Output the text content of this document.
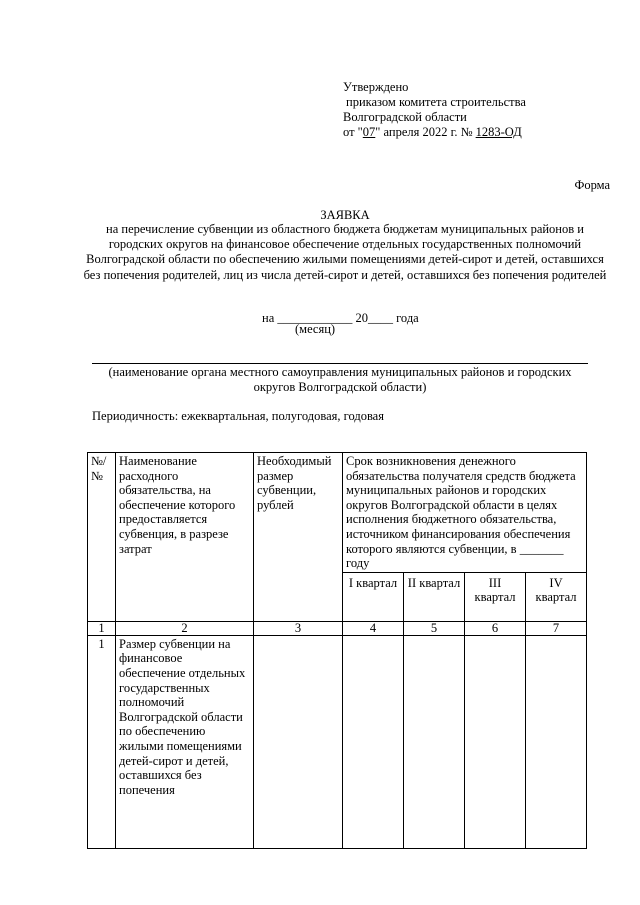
Утверждено
приказом комитета строительства
Волгоградской области
от "07" апреля 2022 г. № 1283-ОД
Форма
ЗАЯВКА
на перечисление субвенции из областного бюджета бюджетам муниципальных районов и городских округов на финансовое обеспечение отдельных государственных полномочий Волгоградской области по обеспечению жилыми помещениями детей-сирот и детей, оставшихся без попечения родителей, лиц из числа детей-сирот и детей, оставшихся без попечения родителей
на ____________ 20____ года
(месяц)
(наименование органа местного самоуправления муниципальных районов и городских округов Волгоградской области)
Периодичность: ежеквартальная, полугодовая, годовая
№/ №	Наименование расходного обязательства, на обеспечение которого предоставляется субвенция, в разрезе затрат	Необходимый размер субвенции, рублей	Срок возникновения денежного обязательства получателя средств бюджета муниципальных районов и городских округов Волгоградской области в целях исполнения бюджетного обязательства, источником финансирования обеспечения которого являются субвенции, в _______ году			
			I квартал	II квартал	III квартал	IV квартал
1	2	3	4	5	6	7
1	Размер субвенции на финансовое обеспечение отдельных государственных полномочий Волгоградской области по обеспечению жилыми помещениями детей-сирот и детей, оставшихся без попечения					
